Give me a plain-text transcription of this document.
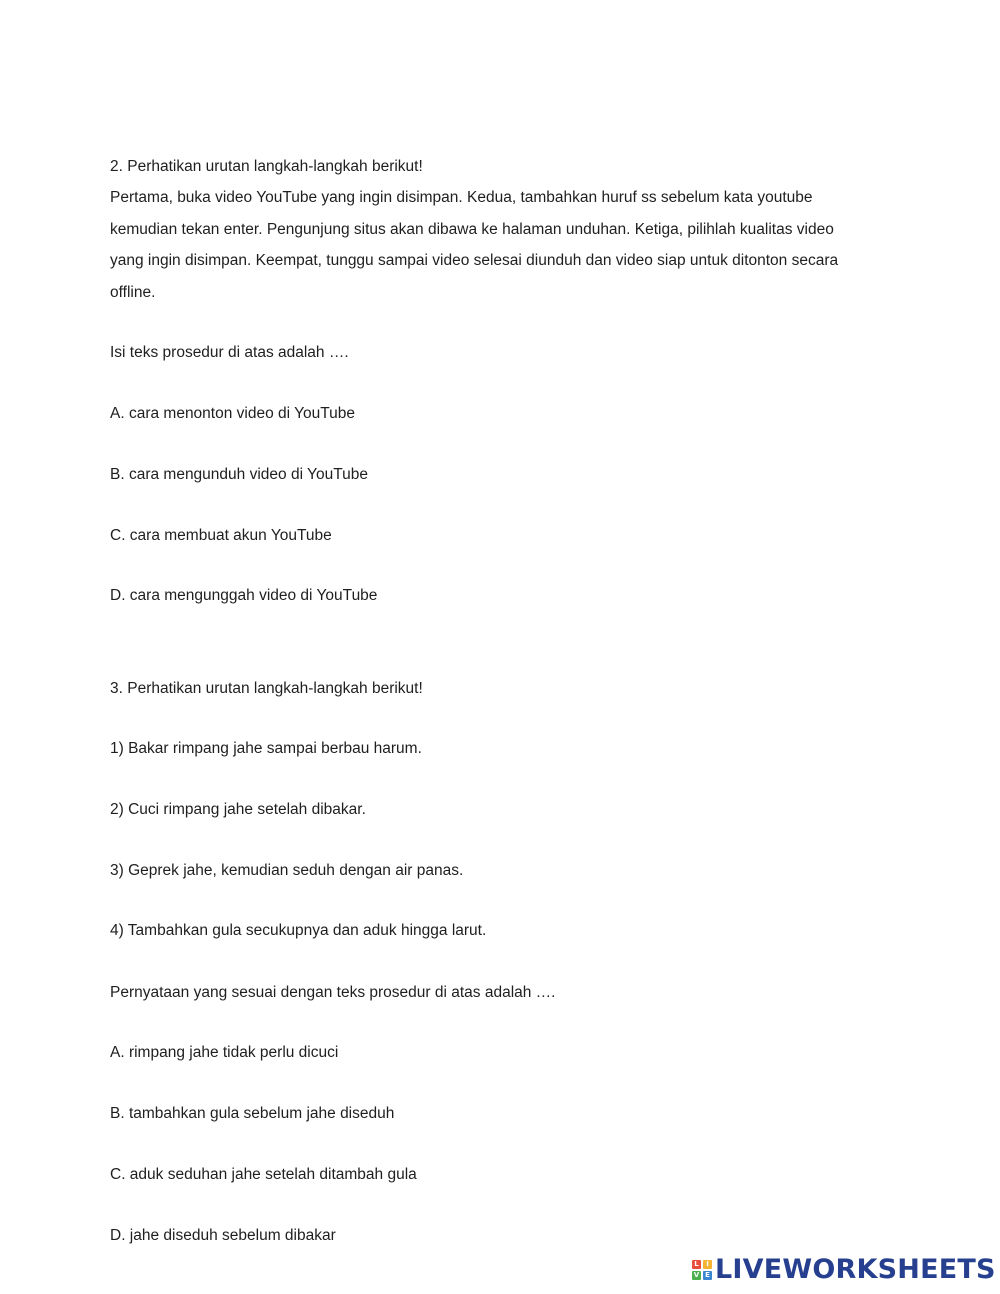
2. Perhatikan urutan langkah-langkah berikut!
Pertama, buka video YouTube yang ingin disimpan. Kedua, tambahkan huruf ss sebelum kata youtube
kemudian tekan enter. Pengunjung situs akan dibawa ke halaman unduhan. Ketiga, pilihlah kualitas video
yang ingin disimpan. Keempat, tunggu sampai video selesai diunduh dan video siap untuk ditonton secara
offline.
Isi teks prosedur di atas adalah ….
A. cara menonton video di YouTube
B. cara mengunduh video di YouTube
C. cara membuat akun YouTube
D. cara mengunggah video di YouTube
3. Perhatikan urutan langkah-langkah berikut!
1) Bakar rimpang jahe sampai berbau harum.
2) Cuci rimpang jahe setelah dibakar.
3) Geprek jahe, kemudian seduh dengan air panas.
4) Tambahkan gula secukupnya dan aduk hingga larut.
Pernyataan yang sesuai dengan teks prosedur di atas adalah ….
A. rimpang jahe tidak perlu dicuci
B. tambahkan gula sebelum jahe diseduh
C. aduk seduhan jahe setelah ditambah gula
D. jahe diseduh sebelum dibakar
L	I
V E LIVEWORKSHEETS
